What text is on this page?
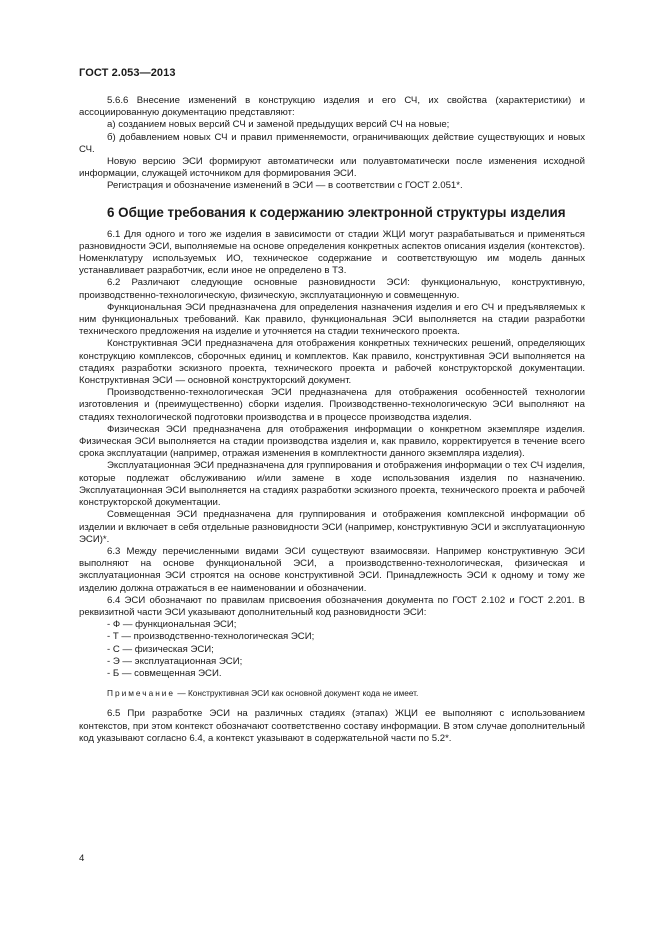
ГОСТ 2.053—2013

5.6.6 Внесение изменений в конструкцию изделия и его СЧ, их свойства (характеристики) и ассоциированную документацию представляют:

а) созданием новых версий СЧ и заменой предыдущих версий СЧ на новые;

б) добавлением новых СЧ и правил применяемости, ограничивающих действие существующих и новых СЧ.

Новую версию ЭСИ формируют автоматически или полуавтоматически после изменения исходной информации, служащей источником для формирования ЭСИ.

Регистрация и обозначение изменений в ЭСИ — в соответствии с ГОСТ 2.051*.

6 Общие требования к содержанию электронной структуры изделия

6.1 Для одного и того же изделия в зависимости от стадии ЖЦИ могут разрабатываться и применяться разновидности ЭСИ, выполняемые на основе определения конкретных аспектов описания изделия (контекстов). Номенклатуру используемых ИО, техническое содержание и соответствующую им модель данных устанавливает разработчик, если иное не определено в ТЗ.

6.2 Различают следующие основные разновидности ЭСИ: функциональную, конструктивную, производственно-технологическую, физическую, эксплуатационную и совмещенную.

Функциональная ЭСИ предназначена для определения назначения изделия и его СЧ и предъявляемых к ним функциональных требований. Как правило, функциональная ЭСИ выполняется на стадии разработки технического предложения на изделие и уточняется на стадии технического проекта.

Конструктивная ЭСИ предназначена для отображения конкретных технических решений, определяющих конструкцию комплексов, сборочных единиц и комплектов. Как правило, конструктивная ЭСИ выполняется на стадиях разработки эскизного проекта, технического проекта и рабочей конструкторской документации. Конструктивная ЭСИ — основной конструкторский документ.

Производственно-технологическая ЭСИ предназначена для отображения особенностей технологии изготовления и (преимущественно) сборки изделия. Производственно-технологическую ЭСИ выполняют на стадиях технологической подготовки производства и в процессе производства изделия.

Физическая ЭСИ предназначена для отображения информации о конкретном экземпляре изделия. Физическая ЭСИ выполняется на стадии производства изделия и, как правило, корректируется в течение всего срока эксплуатации (например, отражая изменения в комплектности данного экземпляра изделия).

Эксплуатационная ЭСИ предназначена для группирования и отображения информации о тех СЧ изделия, которые подлежат обслуживанию и/или замене в ходе использования изделия по назначению. Эксплуатационная ЭСИ выполняется на стадиях разработки эскизного проекта, технического проекта и рабочей конструкторской документации.

Совмещенная ЭСИ предназначена для группирования и отображения комплексной информации об изделии и включает в себя отдельные разновидности ЭСИ (например, конструктивную ЭСИ и эксплуатационную ЭСИ)*.

6.3 Между перечисленными видами ЭСИ существуют взаимосвязи. Например конструктивную ЭСИ выполняют на основе функциональной ЭСИ, а производственно-технологическая, физическая и эксплуатационная ЭСИ строятся на основе конструктивной ЭСИ. Принадлежность ЭСИ к одному и тому же изделию должна отражаться в ее наименовании и обозначении.

6.4 ЭСИ обозначают по правилам присвоения обозначения документа по ГОСТ 2.102 и ГОСТ 2.201. В реквизитной части ЭСИ указывают дополнительный код разновидности ЭСИ:

- Ф — функциональная ЭСИ;

- Т — производственно-технологическая ЭСИ;

- С — физическая ЭСИ;

- Э — эксплуатационная ЭСИ;

- Б — совмещенная ЭСИ.

Примечание — Конструктивная ЭСИ как основной документ кода не имеет.

6.5 При разработке ЭСИ на различных стадиях (этапах) ЖЦИ ее выполняют с использованием контекстов, при этом контекст обозначают соответственно составу информации. В этом случае дополнительный код указывают согласно 6.4, а контекст указывают в содержательной части по 5.2*.

4
